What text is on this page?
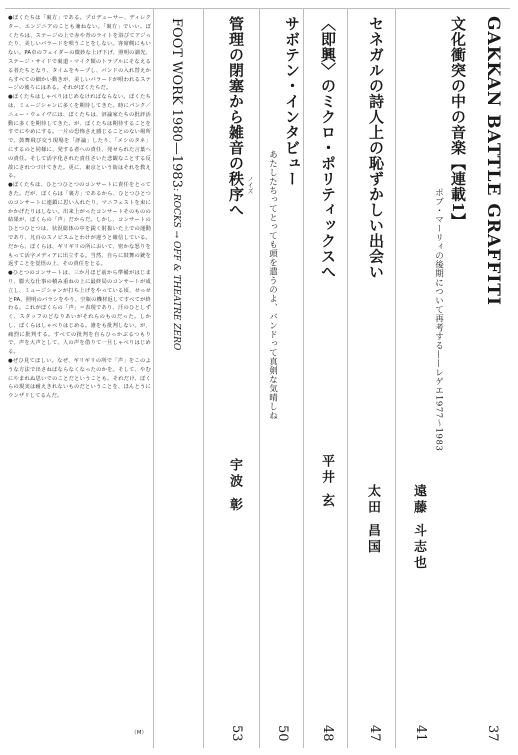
GAKKAN BATTLE GRAFFITI
37
文化衝突の中の音楽【連載1】
ポブ・マーリィの後期について再考する——レゲエ1977〜1983
遠藤 斗志也
41
セネガルの詩人上の恥ずかしい出会い
太田 昌国
47
〈即興〉のミクロ・ポリティックスへ
平井 玄
48
サボテン・インタビュー
あたしたちってとっても頭を遣うのよ、バンドって真剣な気晴しね
50
ノイズ
管理の閉塞から雑音の秩序へ
宇波 彰
53
FOOT WORK 1980—1983: ROCKS → OFF & THEATRE ZERO

●ぼくたちは「裏方」である。プロデューサー、ディレクター、エンジニアのことも兼ねない。「裏方」でいい。ぼくたちは、ステージの上で赤や青のライトを浴びてアジったり、美しいバラードを唄うことをしない。客席側にもいない。PA卓のフェイダーの微妙な上げ下げ、照明の調光、ステージ・サイドで裏道・マイク類のトラブルにそなえるる者たちとなり、タイムをキープし、バンドの入れ替えからすべての細かい動きが、美しいバラードが唄われるステージの後ろにはある。それがぼくたちだ。

●ぼくたちはしゃべりはじめなければならない。ぼくたちは、ミュージシャンに多くを期待してきた。時にパンク／ニュー・ウェイヴには、ぼくたちは、評論家たちの批評活動に多くを期待してきた。が、ぼくたちは期待することをすでにやめにする。一片の恐怖さえ感じることのない場所で、鼓舞飛び交う現場を「評論」したり、「メシのタネ」にするのと同様に、発する者への責任、発せられた言葉への責任。そして活字化された責任さいた悲観なことする反故にされつづけてきた。更に、東京という街はそれを教える。

●ぼくたちは、ひとつひとつのコンサートに責任をとってきた。だが、ぼくらは「裏方」であるから、ひとつひとつのコンサートに連鎖に思い入れたり、マニフェストを束にかかげたりはしない。出来上がったコンサートそのものの結果が、ぼくらの「声」だからだ。しかし、コンサートのひとつひとつは、状況総体の中を鋭く射抜いた上での運動であり、凡百のスノビスムとわけが違うと確信している。だから、ぼくらは、ギリギリの所において、密かな怒りをもって活字メディアに出立する。当然、自らに鼓舞の銃を返すことを覚悟の上、その責任をとる。

●ひとつのコンサートは、三か月ほど前から準備がはじまり、膨大な仕事の積み重ねの上に最終局のコンサートが成立し、ミュージシャンが打ち上げをやっている頃、せっせとPA、照明のバラシをやり、空瓶の機材返してすべてが終わる。これがぼくらの「声」＝表現であり、汗のひとしずく、スタッフのどなりあいがそれらのものだった。しかし、ぼくらはしゃべりはじめる。誰をも批判しない。が、痛烈に批判する。すべての批判を自らひっかぶるつもりで、声を大声として、人の声を借りて一旦しゃべりはじめる。

●ぜひ見てほしい。なぜ、ギリギリの所で「声」をこのような方法で出さねばならなくなったのかを。そして、やむにやまれぬ思いでのことだということも。それだけ、ぼくらの現実は耐えきれないものだということを、ほんとうにウンザリしてるんだ。

（M）
